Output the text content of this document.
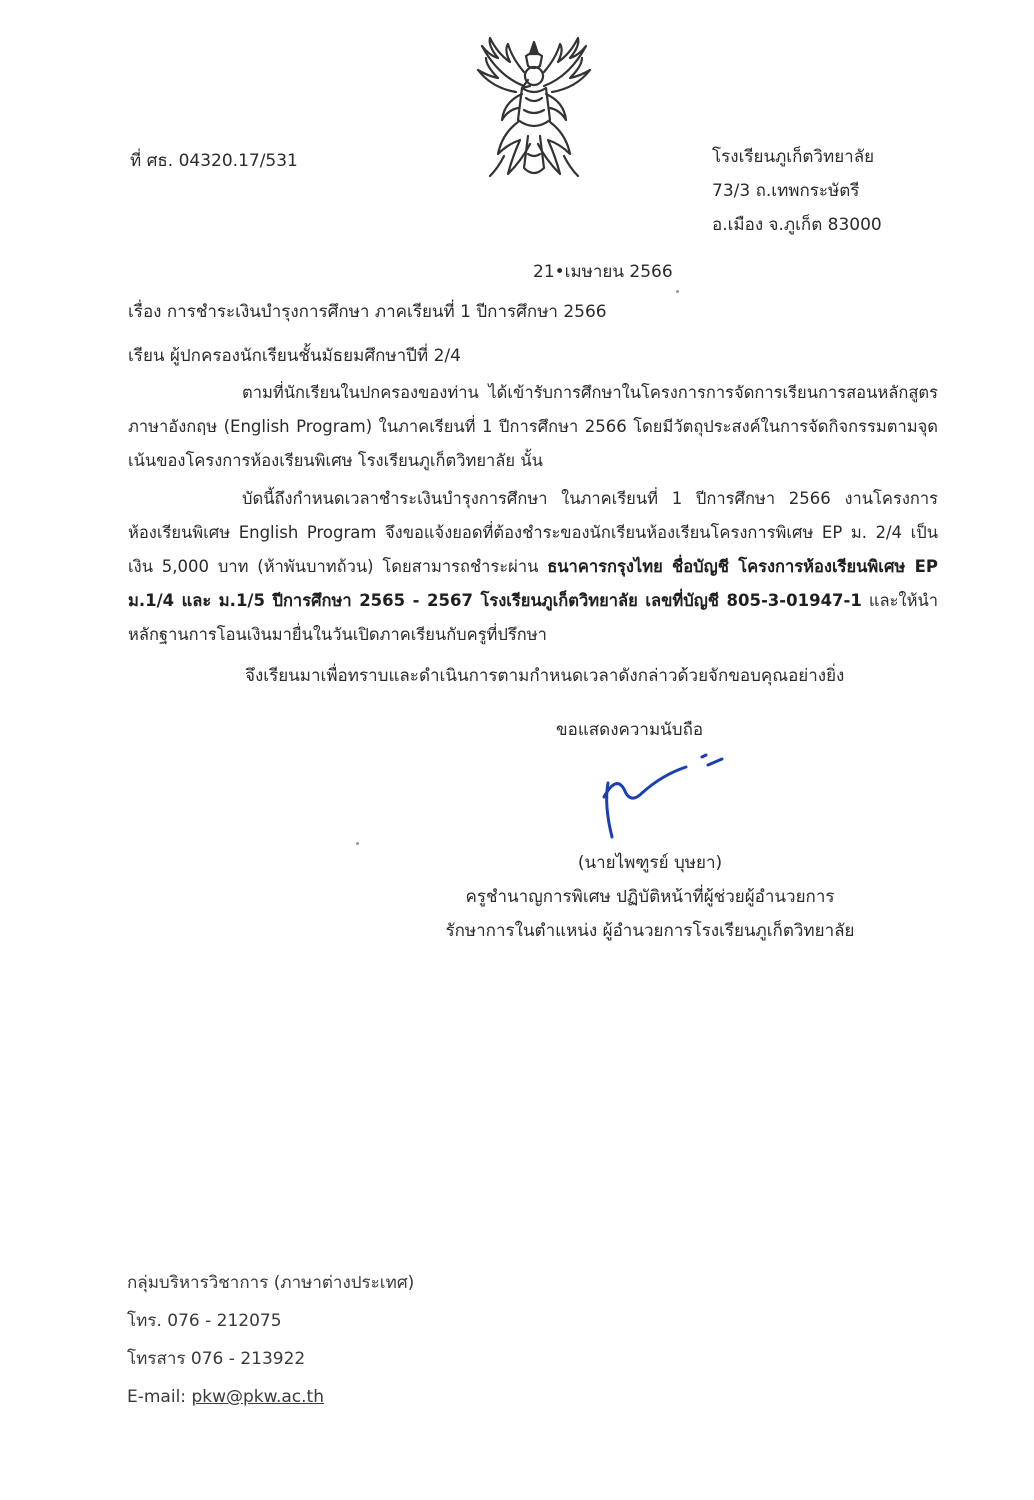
ที่ ศธ. 04320.17/531	โรงเรียนภูเก็ตวิทยาลัย
73/3 ถ.เทพกระษัตรี
อ.เมือง จ.ภูเก็ต 83000
21•เมษายน 2566
เรื่อง การชำระเงินบำรุงการศึกษา ภาคเรียนที่ 1 ปีการศึกษา 2566
เรียน ผู้ปกครองนักเรียนชั้นมัธยมศึกษาปีที่ 2/4
ตามที่นักเรียนในปกครองของท่าน ได้เข้ารับการศึกษาในโครงการการจัดการเรียนการสอนหลักสูตรภาษาอังกฤษ (English Program) ในภาคเรียนที่ 1 ปีการศึกษา 2566 โดยมีวัตถุประสงค์ในการจัดกิจกรรมตามจุดเน้นของโครงการห้องเรียนพิเศษ โรงเรียนภูเก็ตวิทยาลัย นั้น
บัดนี้ถึงกำหนดเวลาชำระเงินบำรุงการศึกษา ในภาคเรียนที่ 1 ปีการศึกษา 2566 งานโครงการห้องเรียนพิเศษ English Program จึงขอแจ้งยอดที่ต้องชำระของนักเรียนห้องเรียนโครงการพิเศษ EP ม. 2/4 เป็นเงิน 5,000 บาท (ห้าพันบาทถ้วน) โดยสามารถชำระผ่าน ธนาคารกรุงไทย ชื่อบัญชี โครงการห้องเรียนพิเศษ EP ม.1/4 และ ม.1/5 ปีการศึกษา 2565 - 2567 โรงเรียนภูเก็ตวิทยาลัย เลขที่บัญชี 805-3-01947-1 และให้นำหลักฐานการโอนเงินมายื่นในวันเปิดภาคเรียนกับครูที่ปรึกษา
จึงเรียนมาเพื่อทราบและดำเนินการตามกำหนดเวลาดังกล่าวด้วยจักขอบคุณอย่างยิ่ง
ขอแสดงความนับถือ
(นายไพฑูรย์ บุษยา)
ครูชำนาญการพิเศษ ปฏิบัติหน้าที่ผู้ช่วยผู้อำนวยการ
รักษาการในตำแหน่ง ผู้อำนวยการโรงเรียนภูเก็ตวิทยาลัย
กลุ่มบริหารวิชาการ (ภาษาต่างประเทศ)
โทร. 076 - 212075
โทรสาร 076 - 213922
E-mail: pkw@pkw.ac.th
